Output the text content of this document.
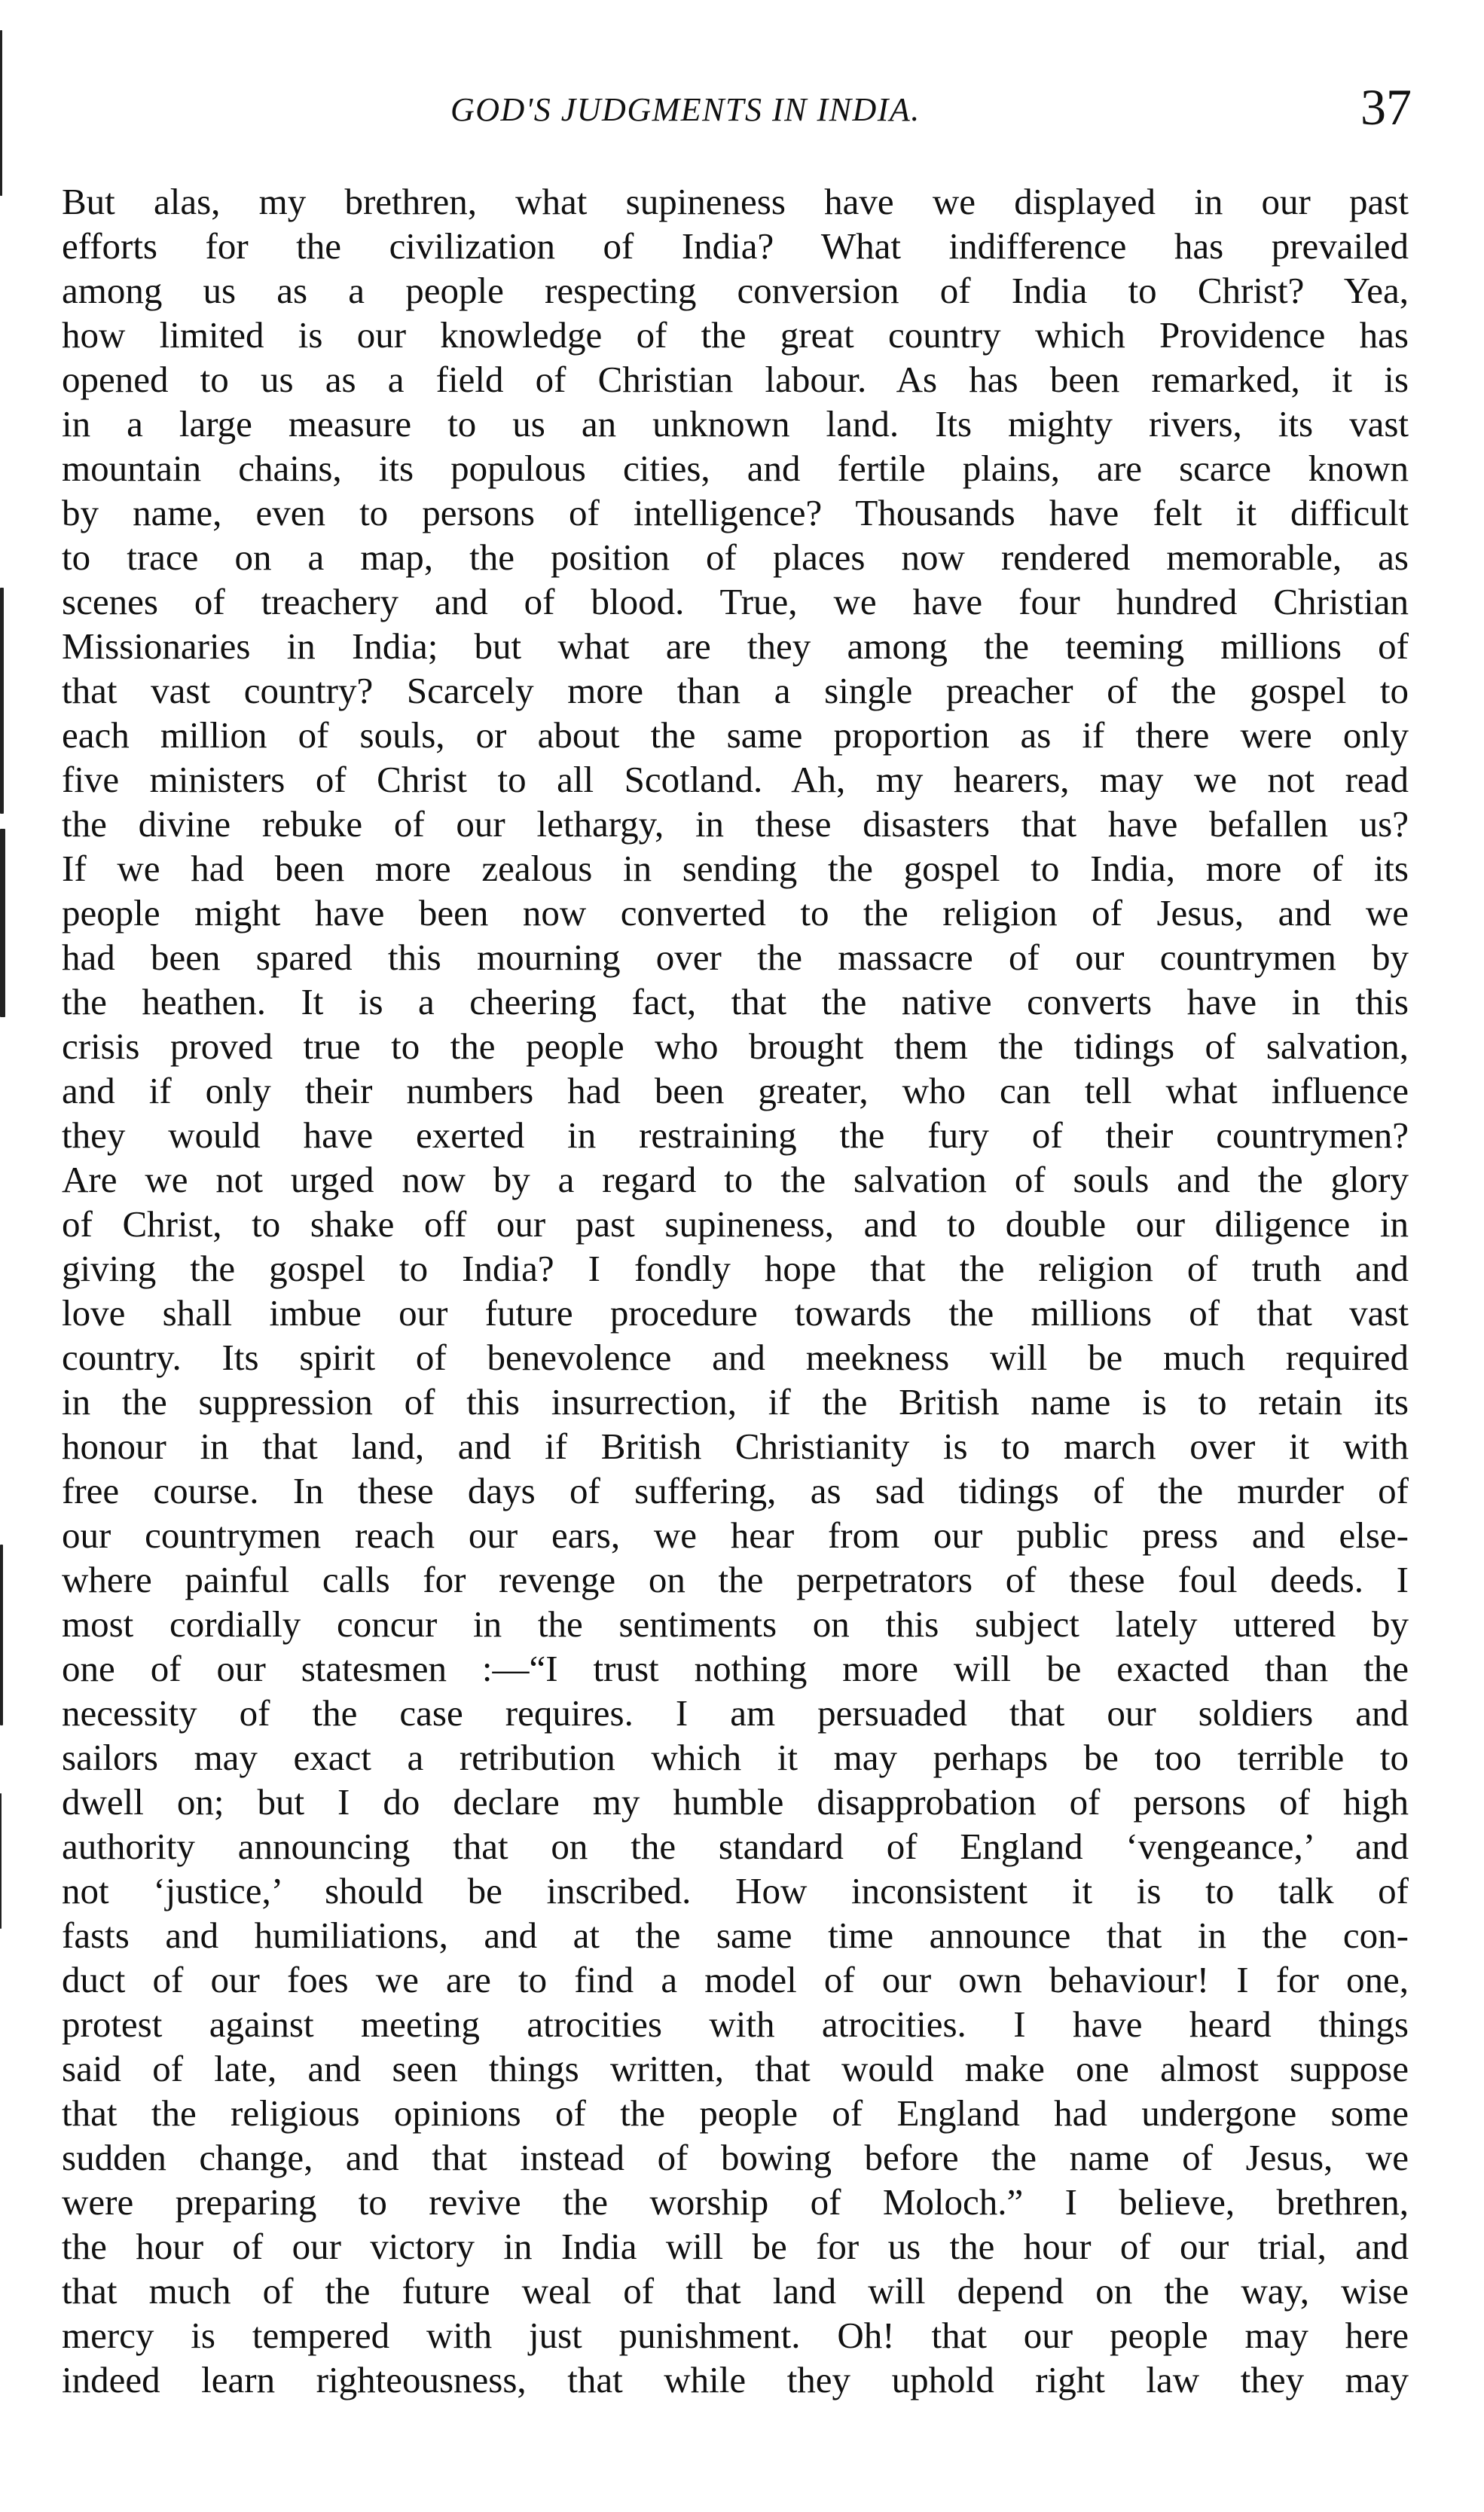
GOD'S JUDGMENTS IN INDIA.	37
But alas, my brethren, what supineness have we displayed in our past
efforts for the civilization of India? What indifference has prevailed
among us as a people respecting conversion of India to Christ? Yea,
how limited is our knowledge of the great country which Providence has
opened to us as a field of Christian labour. As has been remarked, it is
in a large measure to us an unknown land. Its mighty rivers, its vast
mountain chains, its populous cities, and fertile plains, are scarce known
by name, even to persons of intelligence? Thousands have felt it difficult
to trace on a map, the position of places now rendered memorable, as
scenes of treachery and of blood. True, we have four hundred Christian
Missionaries in India; but what are they among the teeming millions of
that vast country? Scarcely more than a single preacher of the gospel to
each million of souls, or about the same proportion as if there were only
five ministers of Christ to all Scotland. Ah, my hearers, may we not read
the divine rebuke of our lethargy, in these disasters that have befallen us?
If we had been more zealous in sending the gospel to India, more of its
people might have been now converted to the religion of Jesus, and we
had been spared this mourning over the massacre of our countrymen by
the heathen. It is a cheering fact, that the native converts have in this
crisis proved true to the people who brought them the tidings of salvation,
and if only their numbers had been greater, who can tell what influence
they would have exerted in restraining the fury of their countrymen?
Are we not urged now by a regard to the salvation of souls and the glory
of Christ, to shake off our past supineness, and to double our diligence in
giving the gospel to India? I fondly hope that the religion of truth and
love shall imbue our future procedure towards the millions of that vast
country. Its spirit of benevolence and meekness will be much required
in the suppression of this insurrection, if the British name is to retain its
honour in that land, and if British Christianity is to march over it with
free course. In these days of suffering, as sad tidings of the murder of
our countrymen reach our ears, we hear from our public press and else-
where painful calls for revenge on the perpetrators of these foul deeds. I
most cordially concur in the sentiments on this subject lately uttered by
one of our statesmen :—“I trust nothing more will be exacted than the
necessity of the case requires. I am persuaded that our soldiers and
sailors may exact a retribution which it may perhaps be too terrible to
dwell on; but I do declare my humble disapprobation of persons of high
authority announcing that on the standard of England ‘vengeance,’ and
not ‘justice,’ should be inscribed. How inconsistent it is to talk of
fasts and humiliations, and at the same time announce that in the con-
duct of our foes we are to find a model of our own behaviour! I for one,
protest against meeting atrocities with atrocities. I have heard things
said of late, and seen things written, that would make one almost suppose
that the religious opinions of the people of England had undergone some
sudden change, and that instead of bowing before the name of Jesus, we
were preparing to revive the worship of Moloch.” I believe, brethren,
the hour of our victory in India will be for us the hour of our trial, and
that much of the future weal of that land will depend on the way, wise
mercy is tempered with just punishment. Oh! that our people may here
indeed learn righteousness, that while they uphold right law they may
